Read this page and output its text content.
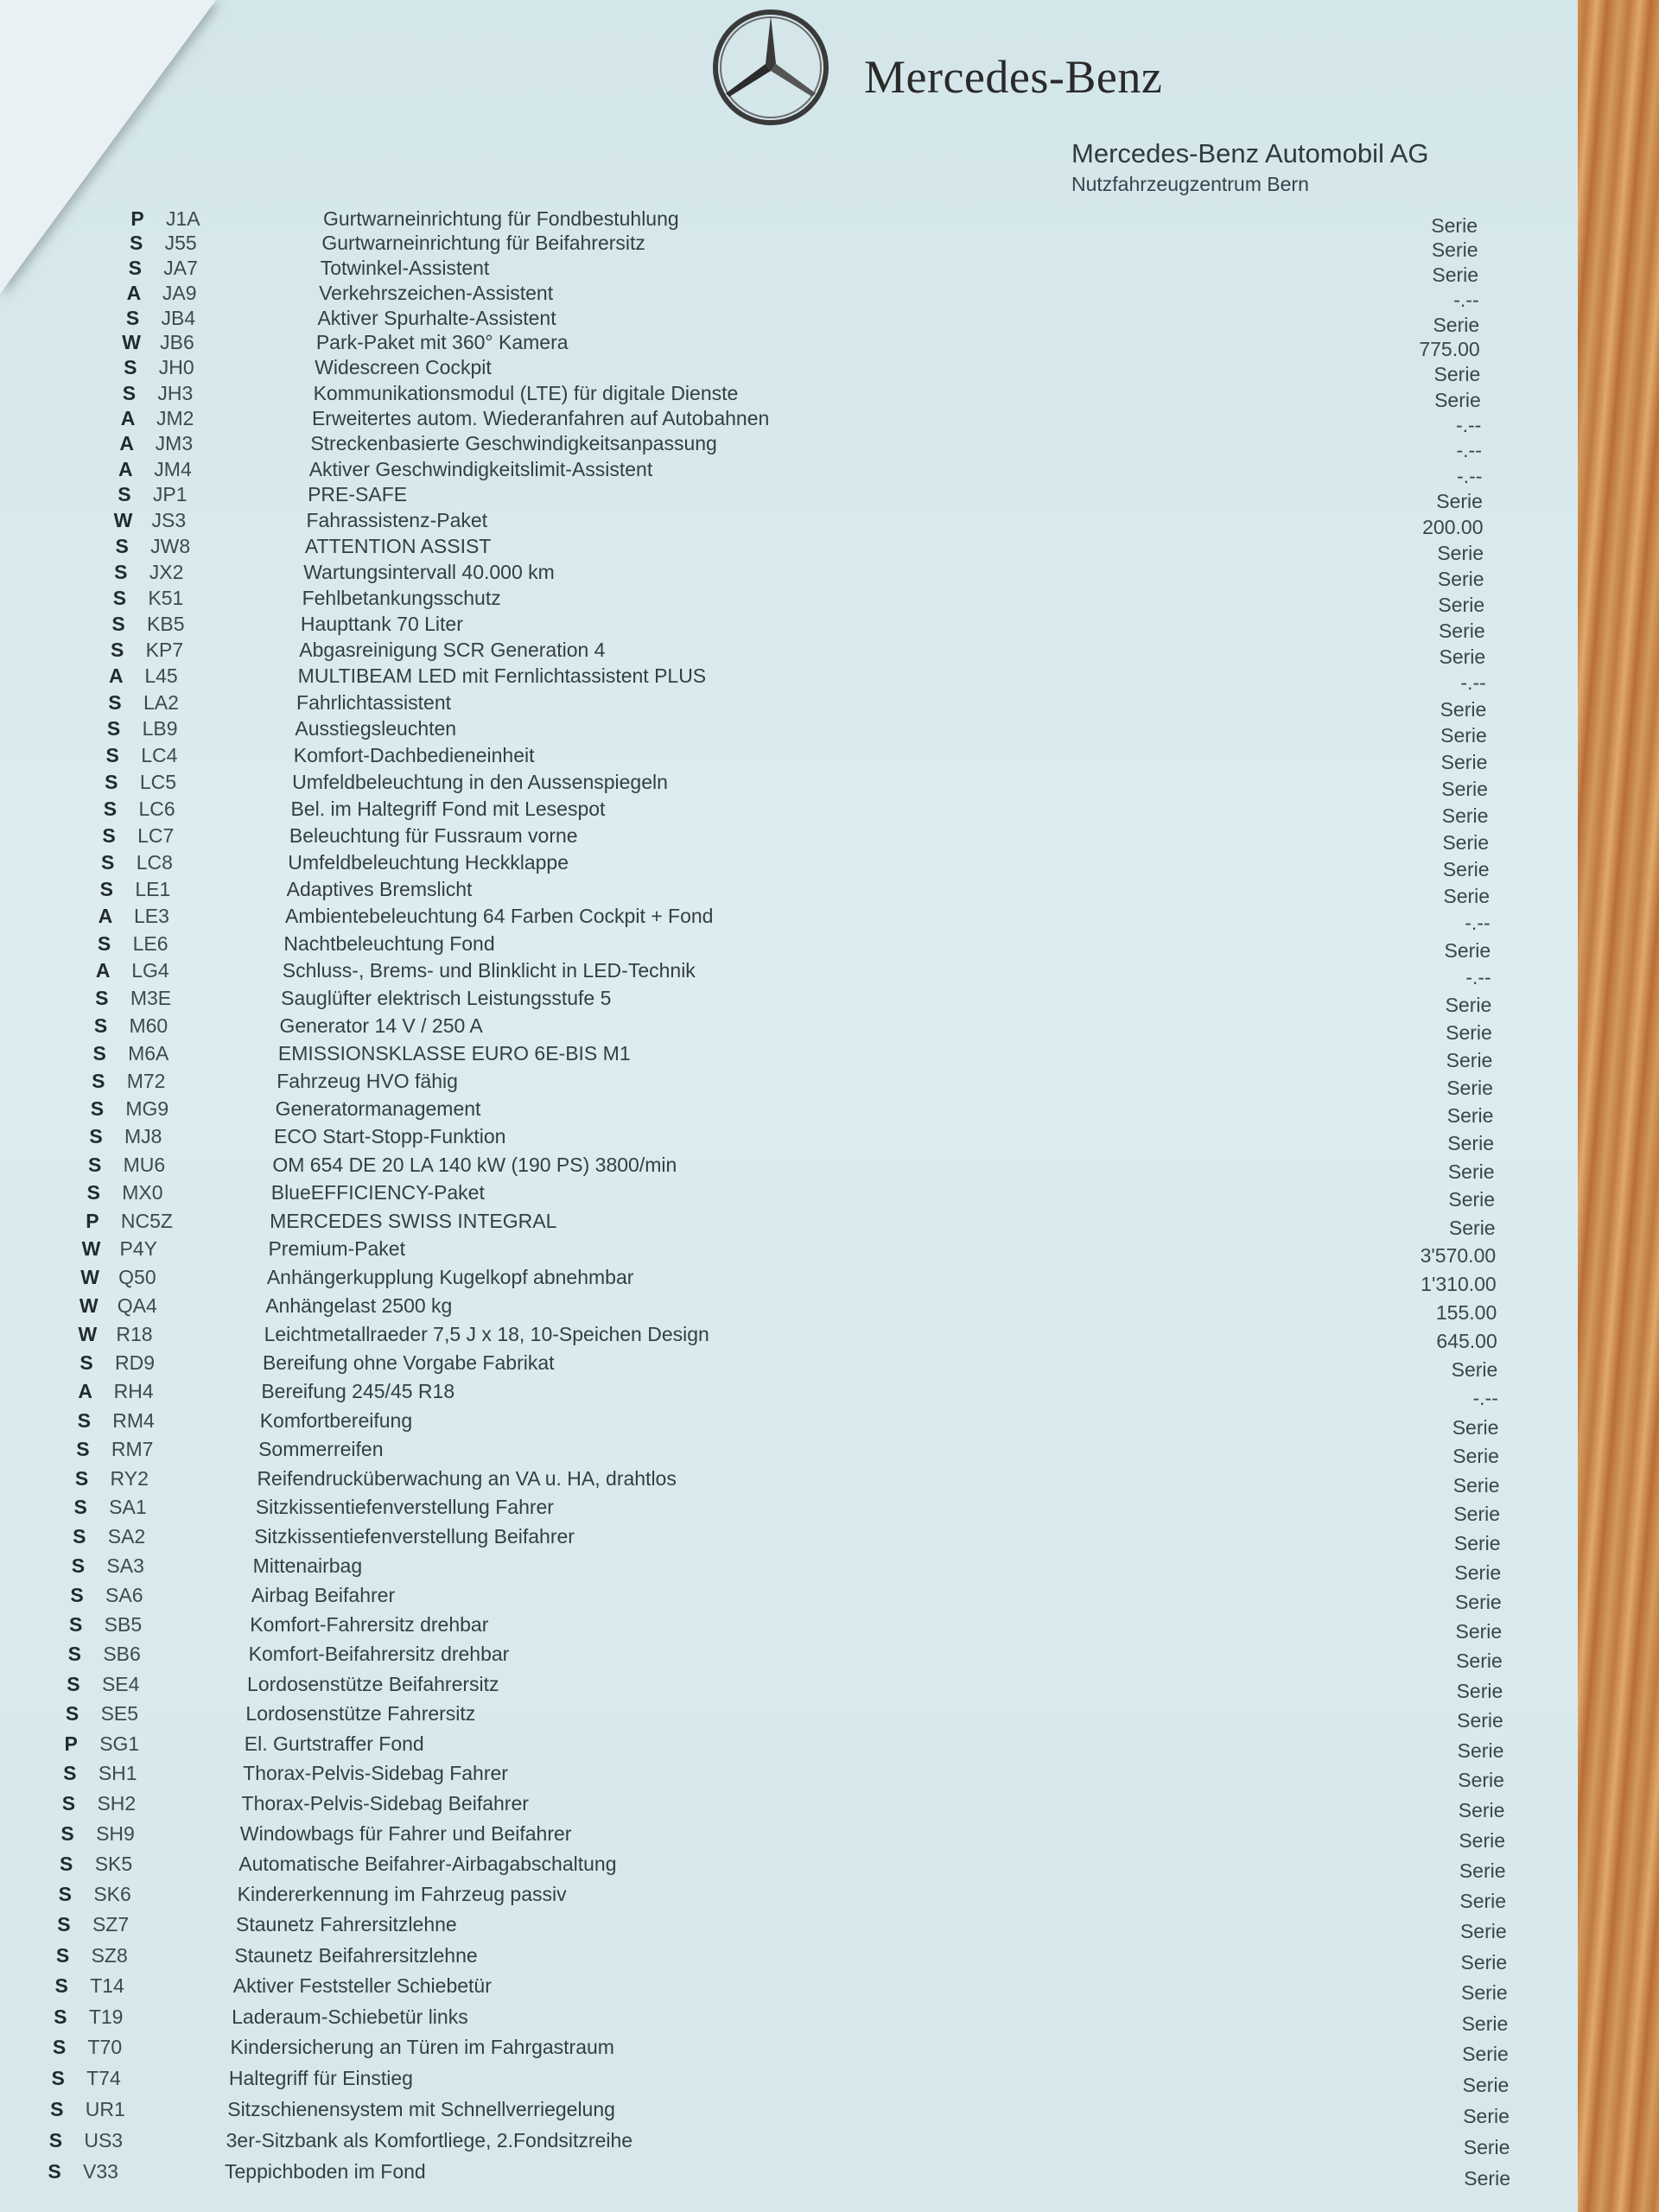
Mercedes-Benz
Mercedes-Benz Automobil AG
Nutzfahrzeugzentrum Bern
P	J1A	Gurtwarneinrichtung für Fondbestuhlung	Serie
S	J55	Gurtwarneinrichtung für Beifahrersitz	Serie
S	JA7	Totwinkel-Assistent	Serie
A JA9	Verkehrszeichen-Assistent	-.--
S	JB4	Aktiver Spurhalte-Assistent	Serie
W JB6	Park-Paket mit 360° Kamera	775.00
S	JH0	Widescreen Cockpit	Serie
S	JH3	Kommunikationsmodul (LTE) für digitale Dienste	Serie
A JM2	Erweitertes autom. Wiederanfahren auf Autobahnen	-.--
A JM3	Streckenbasierte Geschwindigkeitsanpassung	-.--
A JM4	Aktiver Geschwindigkeitslimit-Assistent	-.--
S	JP1	PRE-SAFE	Serie
W JS3	Fahrassistenz-Paket	200.00
S	JW8	ATTENTION ASSIST	Serie
S	JX2	Wartungsintervall 40.000 km	Serie
S	K51	Fehlbetankungsschutz	Serie
S	KB5	Haupttank 70 Liter	Serie
S	KP7	Abgasreinigung SCR Generation 4	Serie
A L45	MULTIBEAM LED mit Fernlichtassistent PLUS	-.--
S	LA2	Fahrlichtassistent	Serie
S	LB9	Ausstiegsleuchten	Serie
S	LC4	Komfort-Dachbedieneinheit	Serie
S	LC5	Umfeldbeleuchtung in den Aussenspiegeln	Serie
S	LC6	Bel. im Haltegriff Fond mit Lesespot	Serie
S	LC7	Beleuchtung für Fussraum vorne	Serie
S	LC8	Umfeldbeleuchtung Heckklappe	Serie
S	LE1	Adaptives Bremslicht	Serie
A LE3	Ambientebeleuchtung 64 Farben Cockpit + Fond	-.--
S	LE6	Nachtbeleuchtung Fond	Serie
A LG4	Schluss-, Brems- und Blinklicht in LED-Technik	-.--
S	M3E	Sauglüfter elektrisch Leistungsstufe 5	Serie
S	M60	Generator 14 V / 250 A	Serie
S	M6A	EMISSIONSKLASSE EURO 6E-BIS M1	Serie
S	M72	Fahrzeug HVO fähig	Serie
S	MG9	Generatormanagement	Serie
S	MJ8	ECO Start-Stopp-Funktion	Serie
S	MU6	OM 654 DE 20 LA 140 kW (190 PS) 3800/min	Serie
S	MX0	BlueEFFICIENCY-Paket	Serie
P	NC5Z	MERCEDES SWISS INTEGRAL	Serie
W P4Y	Premium-Paket	3'570.00
W Q50	Anhängerkupplung Kugelkopf abnehmbar	1'310.00
W QA4	Anhängelast 2500 kg	155.00
W R18	Leichtmetallraeder 7,5 J x 18, 10-Speichen Design	645.00
S	RD9	Bereifung ohne Vorgabe Fabrikat	Serie
A RH4	Bereifung 245/45 R18	-.--
S	RM4	Komfortbereifung	Serie
S	RM7	Sommerreifen	Serie
S	RY2	Reifendrucküberwachung an VA u. HA, drahtlos	Serie
S	SA1	Sitzkissentiefenverstellung Fahrer	Serie
S	SA2	Sitzkissentiefenverstellung Beifahrer	Serie
S	SA3	Mittenairbag	Serie
S	SA6	Airbag Beifahrer	Serie
S	SB5	Komfort-Fahrersitz drehbar	Serie
S	SB6	Komfort-Beifahrersitz drehbar	Serie
S	SE4	Lordosenstütze Beifahrersitz	Serie
S	SE5	Lordosenstütze Fahrersitz	Serie
P	SG1	El. Gurtstraffer Fond	Serie
S	SH1	Thorax-Pelvis-Sidebag Fahrer	Serie
S	SH2	Thorax-Pelvis-Sidebag Beifahrer	Serie
S	SH9	Windowbags für Fahrer und Beifahrer	Serie
S	SK5	Automatische Beifahrer-Airbagabschaltung	Serie
S	SK6	Kindererkennung im Fahrzeug passiv	Serie
S	SZ7	Staunetz Fahrersitzlehne	Serie
S	SZ8	Staunetz Beifahrersitzlehne	Serie
S	T14	Aktiver Feststeller Schiebetür	Serie
S	T19	Laderaum-Schiebetür links	Serie
S	T70	Kindersicherung an Türen im Fahrgastraum	Serie
S	T74	Haltegriff für Einstieg	Serie
S	UR1	Sitzschienensystem mit Schnellverriegelung	Serie
S	US3	3er-Sitzbank als Komfortliege, 2.Fondsitzreihe	Serie
S	V33	Teppichboden im Fond	Serie
